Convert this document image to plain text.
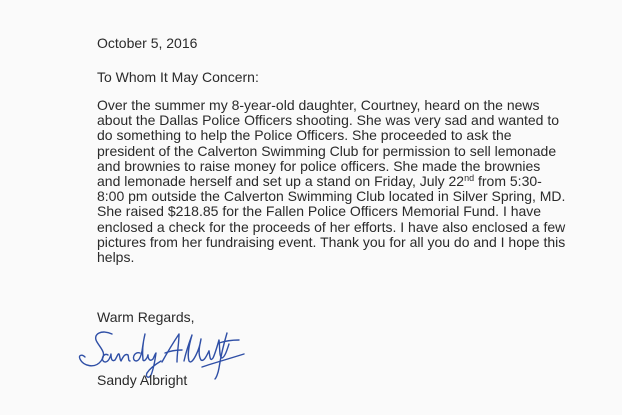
October 5, 2016
To Whom It May Concern:
Over the summer my 8-year-old daughter, Courtney, heard on the news about the Dallas Police Officers shooting. She was very sad and wanted to do something to help the Police Officers. She proceeded to ask the president of the Calverton Swimming Club for permission to sell lemonade and brownies to raise money for police officers. She made the brownies and lemonade herself and set up a stand on Friday, July 22nd from 5:30-8:00 pm outside the Calverton Swimming Club located in Silver Spring, MD. She raised $218.85 for the Fallen Police Officers Memorial Fund. I have enclosed a check for the proceeds of her efforts. I have also enclosed a few pictures from her fundraising event. Thank you for all you do and I hope this helps.
Warm Regards,
Sandy Albright
Sandy Albright
